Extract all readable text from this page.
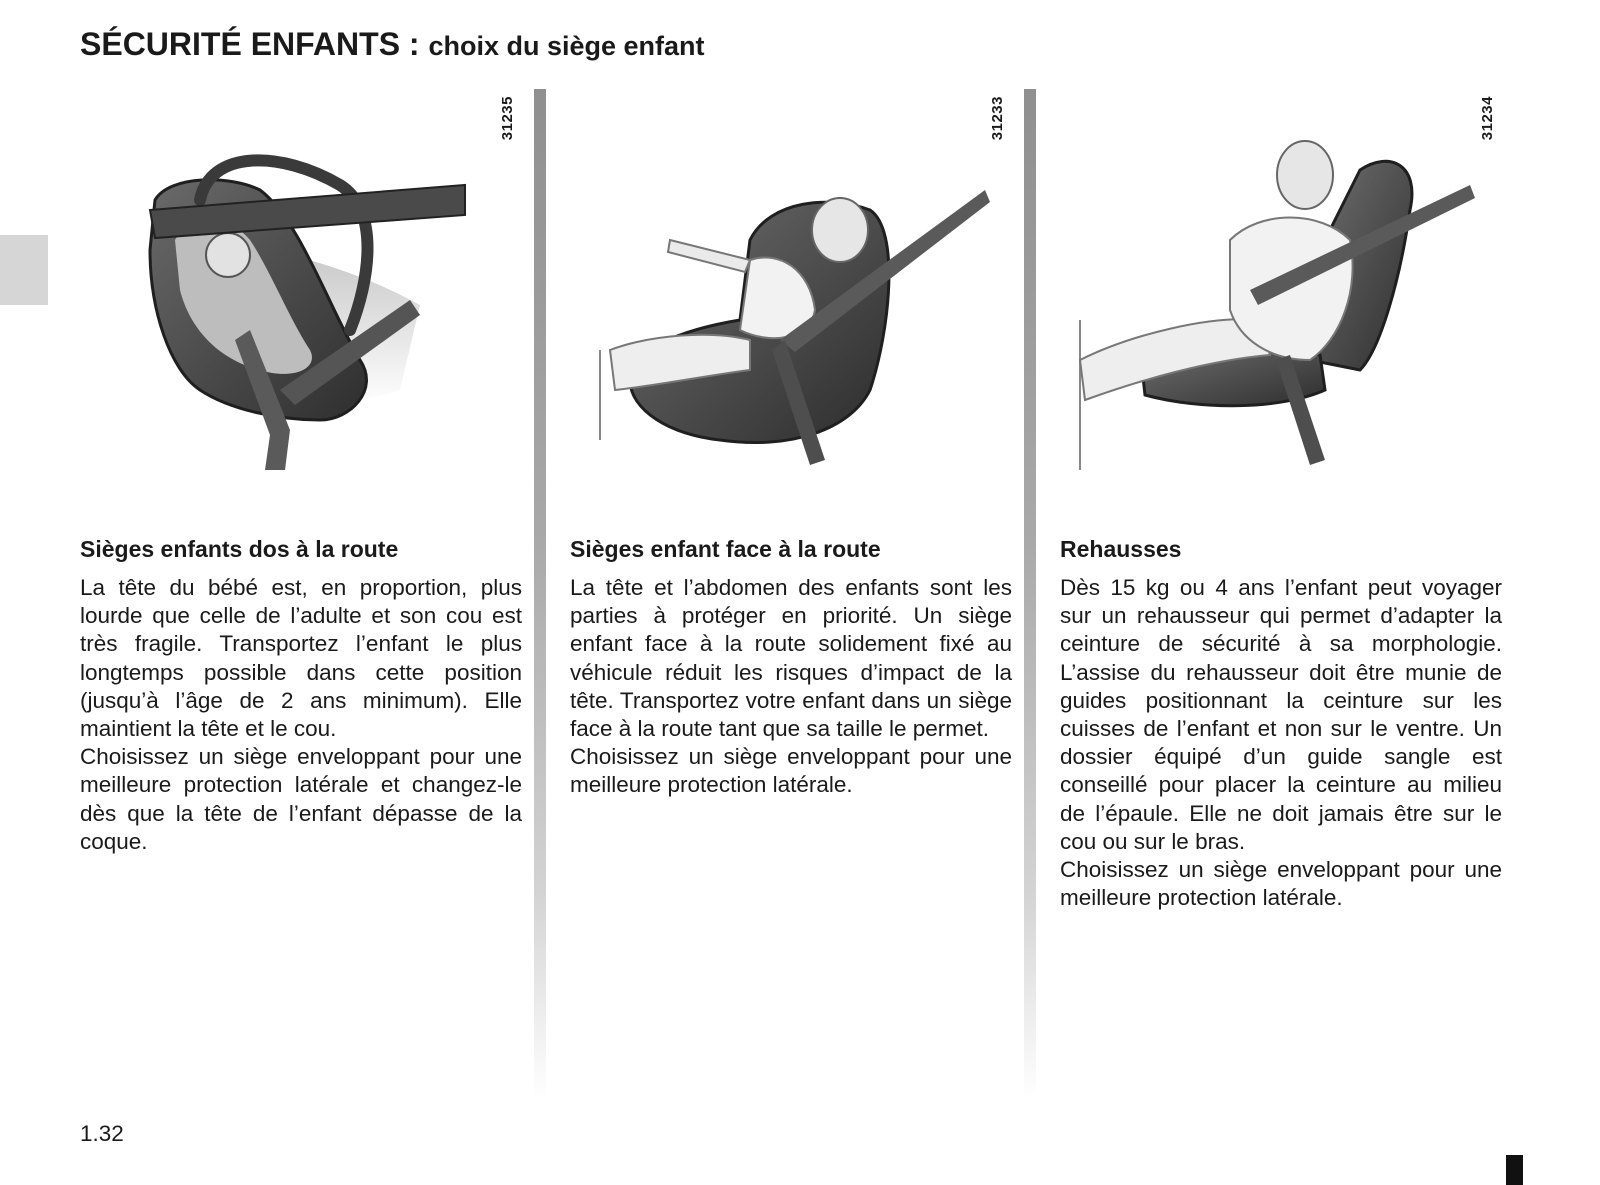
SÉCURITÉ ENFANTS : choix du siège enfant
31235
Sièges enfants dos à la route

La tête du bébé est, en proportion, plus lourde que celle de l’adulte et son cou est très fragile. Transportez l’enfant le plus longtemps possible dans cette position (jusqu’à l’âge de 2 ans minimum). Elle maintient la tête et le cou.

Choisissez un siège enveloppant pour une meilleure protection latérale et changez-le dès que la tête de l’enfant dépasse de la coque.

31233
Sièges enfant face à la route

La tête et l’abdomen des enfants sont les parties à protéger en priorité. Un siège enfant face à la route solidement fixé au véhicule réduit les risques d’impact de la tête. Transportez votre enfant dans un siège face à la route tant que sa taille le permet.

Choisissez un siège enveloppant pour une meilleure protection latérale.

31234
Rehausses

Dès 15 kg ou 4 ans l’enfant peut voyager sur un rehausseur qui permet d’adapter la ceinture de sécurité à sa morphologie. L’assise du rehausseur doit être munie de guides positionnant la ceinture sur les cuisses de l’enfant et non sur le ventre. Un dossier équipé d’un guide sangle est conseillé pour placer la ceinture au milieu de l’épaule. Elle ne doit jamais être sur le cou ou sur le bras.

Choisissez un siège enveloppant pour une meilleure protection latérale.

1.32
